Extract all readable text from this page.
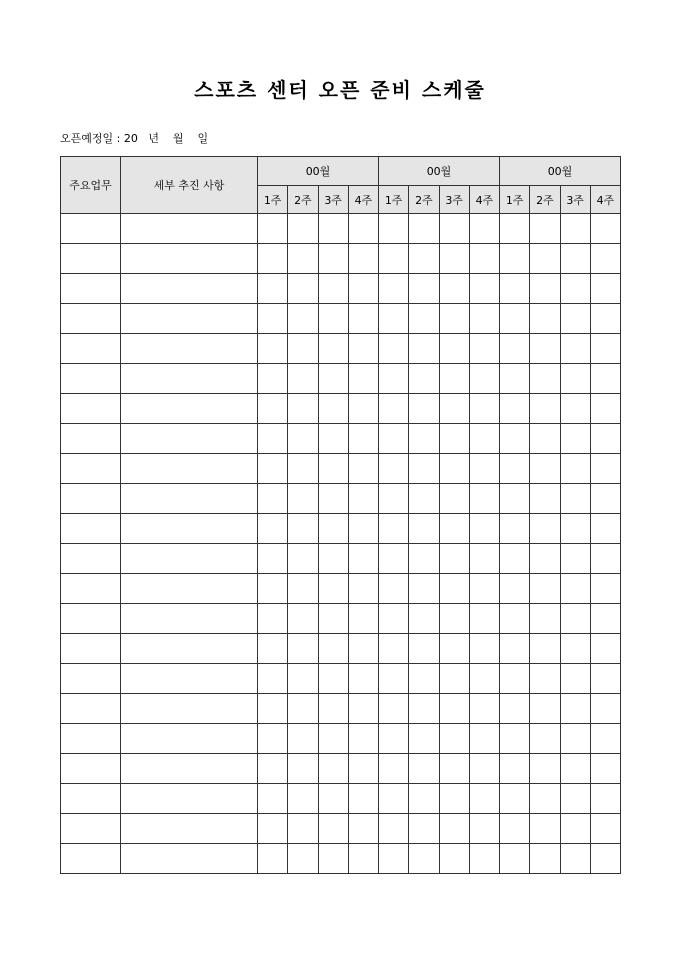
스포츠 센터 오픈 준비 스케줄
오픈예정일 : 20   년    월    일
주요업무	세부 추진 사항	00월				00월				00월			
		1주	2주	3주	4주	1주	2주	3주	4주	1주	2주	3주	4주
